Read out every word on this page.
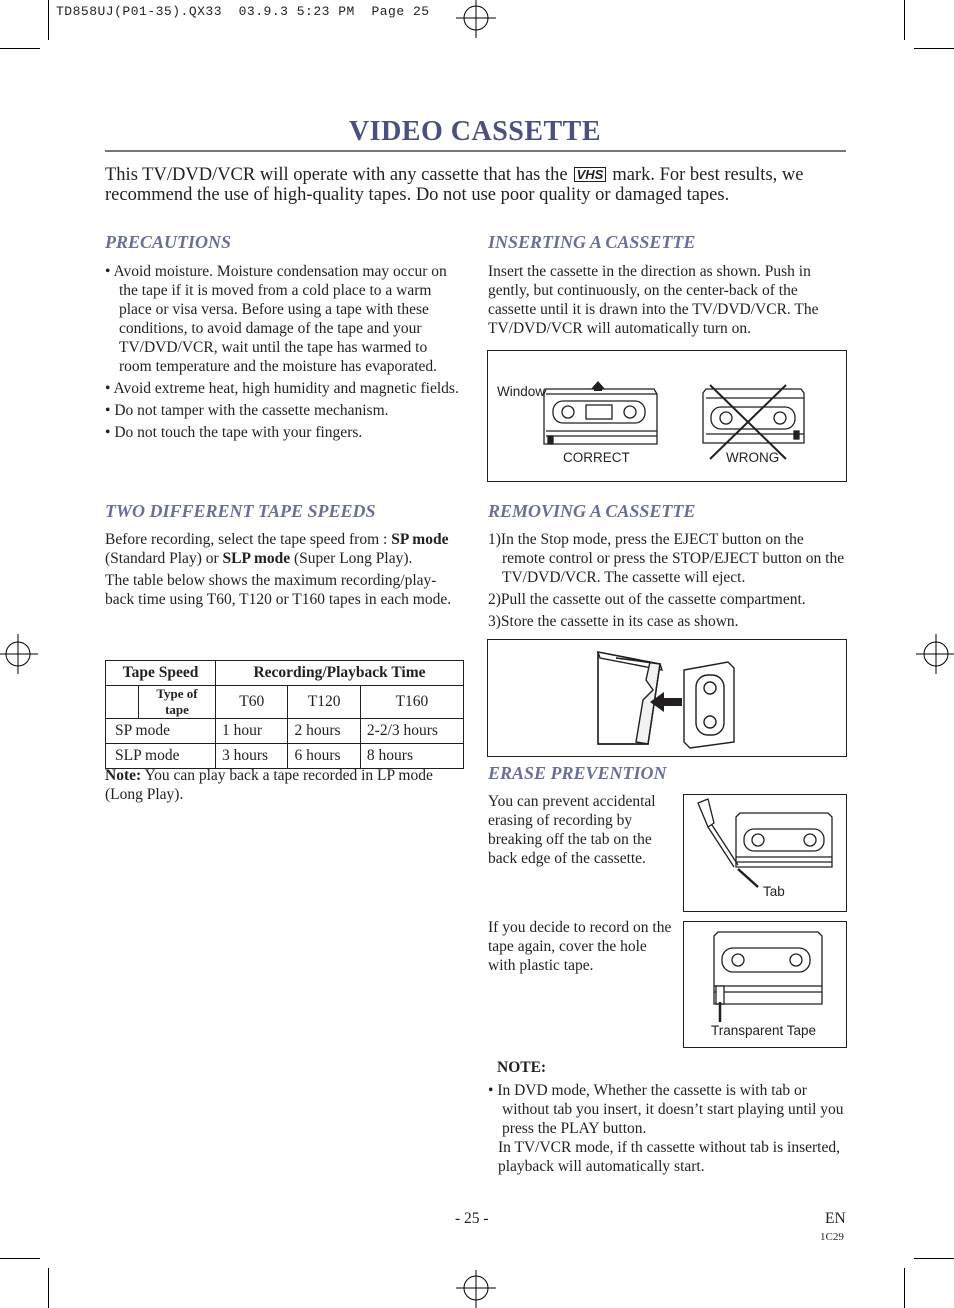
TD858UJ(P01-35).QX33  03.9.3 5:23 PM  Page 25
VIDEO CASSETTE
This TV/DVD/VCR will operate with any cassette that has the VHS mark. For best results, we recommend the use of high-quality tapes. Do not use poor quality or damaged tapes.
PRECAUTIONS
• Avoid moisture. Moisture condensation may occur on the tape if it is moved from a cold place to a warm place or visa versa. Before using a tape with these conditions, to avoid damage of the tape and your TV/DVD/VCR, wait until the tape has warmed to room temperature and the moisture has evaporated.
• Avoid extreme heat, high humidity and magnetic fields.
• Do not tamper with the cassette mechanism.
• Do not touch the tape with your fingers.
TWO DIFFERENT TAPE SPEEDS
Before recording, select the tape speed from : SP mode (Standard Play) or SLP mode (Super Long Play).
The table below shows the maximum recording/play-back time using T60, T120 or T160 tapes in each mode.
Tape Speed		Recording/Playback Time		
	Type of tape	T60	T120	T160
SP mode		1 hour	2 hours	2-2/3 hours
SLP mode		3 hours	6 hours	8 hours
Note: You can play back a tape recorded in LP mode (Long Play).
INSERTING A CASSETTE
Insert the cassette in the direction as shown. Push in gently, but continuously, on the center-back of the cassette until it is drawn into the TV/DVD/VCR. The TV/DVD/VCR will automatically turn on.
Window
CORRECT	WRONG
REMOVING A CASSETTE
1)In the Stop mode, press the EJECT button on the remote control or press the STOP/EJECT button on the TV/DVD/VCR. The cassette will eject.
2)Pull the cassette out of the cassette compartment.
3)Store the cassette in its case as shown.
ERASE PREVENTION
You can prevent accidental erasing of recording by breaking off the tab on the back edge of the cassette.
Tab
If you decide to record on the tape again, cover the hole with plastic tape.
Transparent Tape
NOTE:
• In DVD mode, Whether the cassette is with tab or without tab you insert, it doesn’t start playing until you press the PLAY button.
In TV/VCR mode, if th cassette without tab is inserted, playback will automatically start.
- 25 -	EN
1C29
